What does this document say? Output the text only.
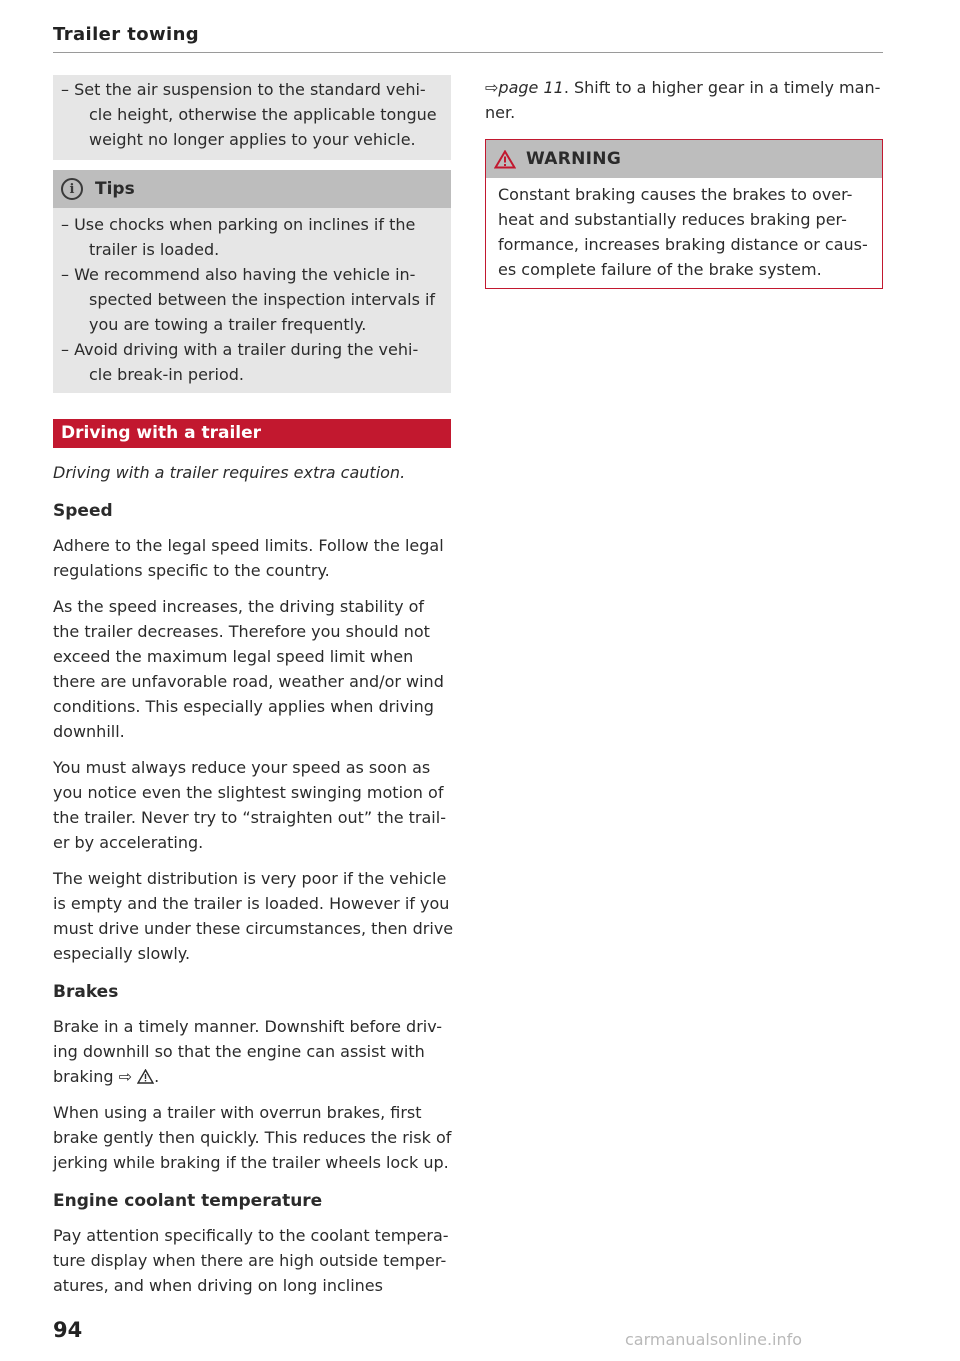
Trailer towing
– Set the air suspension to the standard vehi-
cle height, otherwise the applicable tongue
weight no longer applies to your vehicle.
i	Tips
– Use chocks when parking on inclines if the
trailer is loaded.
– We recommend also having the vehicle in-
spected between the inspection intervals if
you are towing a trailer frequently.
– Avoid driving with a trailer during the vehi-
cle break-in period.
Driving with a trailer
Driving with a trailer requires extra caution.
Speed
Adhere to the legal speed limits. Follow the legal
regulations specific to the country.
As the speed increases, the driving stability of
the trailer decreases. Therefore you should not
exceed the maximum legal speed limit when
there are unfavorable road, weather and/or wind
conditions. This especially applies when driving
downhill.
You must always reduce your speed as soon as
you notice even the slightest swinging motion of
the trailer. Never try to “straighten out” the trail-
er by accelerating.
The weight distribution is very poor if the vehicle
is empty and the trailer is loaded. However if you
must drive under these circumstances, then drive
especially slowly.
Brakes
Brake in a timely manner. Downshift before driv-
ing downhill so that the engine can assist with
braking ⇨ .
When using a trailer with overrun brakes, first
brake gently then quickly. This reduces the risk of
jerking while braking if the trailer wheels lock up.
Engine coolant temperature
Pay attention specifically to the coolant tempera-
ture display when there are high outside temper-
atures, and when driving on long inclines
⇨page 11. Shift to a higher gear in a timely man-
ner.
WARNING
Constant braking causes the brakes to over-
heat and substantially reduces braking per-
formance, increases braking distance or caus-
es complete failure of the brake system.
94	carmanualsonline.info
